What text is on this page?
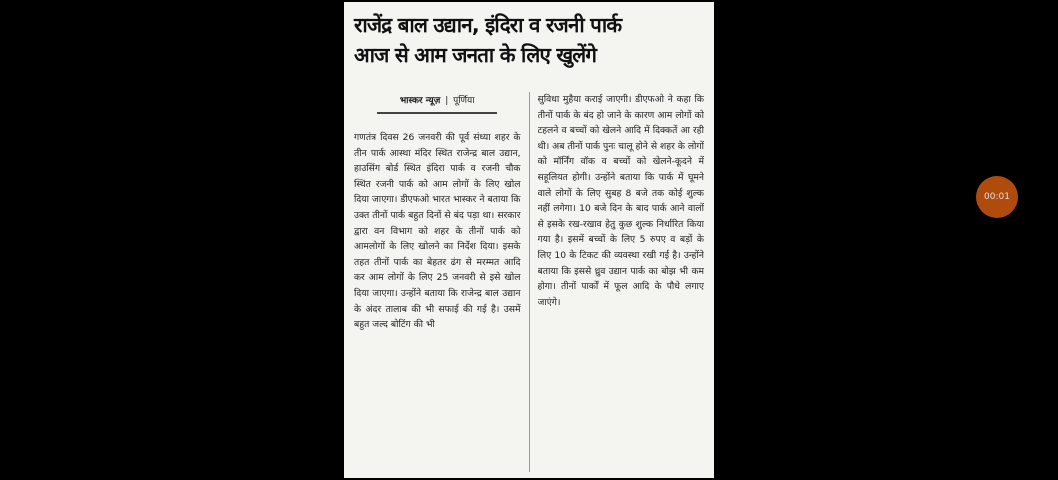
राजेंद्र बाल उद्यान, इंदिरा व रजनी पार्क
आज से आम जनता के लिए खुलेंगे
भास्कर न्यूज़ | पूर्णिया

गणतंत्र दिवस 26 जनवरी की पूर्व संध्या शहर के तीन पार्क आस्था मंदिर स्थित राजेन्द्र बाल उद्यान, हाउसिंग बोर्ड स्थित इंदिरा पार्क व रजनी चौक स्थित रजनी पार्क को आम लोगों के लिए खोल दिया जाएगा। डीएफओ भारत भास्कर ने बताया कि उक्त तीनों पार्क बहुत दिनों से बंद पड़ा था। सरकार द्वारा वन विभाग को शहर के तीनों पार्क को आमलोगों के लिए खोलने का निर्देश दिया। इसके तहत तीनों पार्क का बेहतर ढंग से मरम्मत आदि कर आम लोगों के लिए 25 जनवरी से इसे खोल दिया जाएगा। उन्होंने बताया कि राजेन्द्र बाल उद्यान के अंदर तालाब की भी सफाई की गई है। उसमें बहुत जल्द बोटिंग की भी

सुविधा मुहैया कराई जाएगी। डीएफओ ने कहा कि तीनों पार्क के बंद हो जाने के कारण आम लोगों को टहलने व बच्चों को खेलने आदि में दिक्कतें आ रही थी। अब तीनों पार्क पुनः चालू होने से शहर के लोगों को मॉर्निंग वॉक व बच्चों को खेलने-कूदने में सहूलियत होगी। उन्होंने बताया कि पार्क में घूमने वाले लोगों के लिए सुबह 8 बजे तक कोई शुल्क नहीं लगेगा। 10 बजे दिन के बाद पार्क आने वालों से इसके रख-रखाव हेतु कुछ शुल्क निर्धारित किया गया है। इसमें बच्चों के लिए 5 रुपए व बड़ों के लिए 10 के टिकट की व्यवस्था रखी गई है। उन्होंने बताया कि इससे ध्रुव उद्यान पार्क का बोझ भी कम होगा। तीनों पार्कों में फूल आदि के पौधे लगाए जाएंगे।

00:01
